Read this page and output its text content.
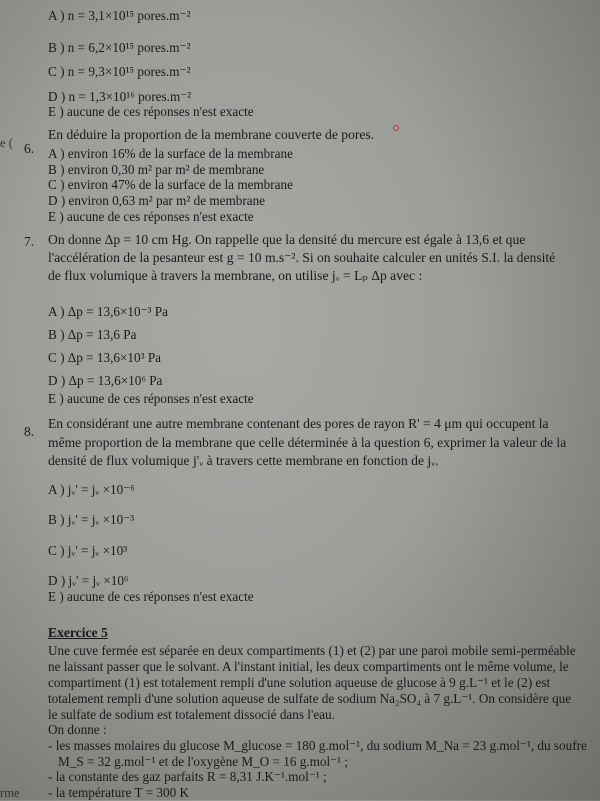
e (
rme
A ) n = 3,1×10¹⁵ pores.m⁻²
B ) n = 6,2×10¹⁵ pores.m⁻²
C ) n = 9,3×10¹⁵ pores.m⁻²
D ) n = 1,3×10¹⁶ pores.m⁻²
E ) aucune de ces réponses n'est exacte
6.
En déduire la proportion de la membrane couverte de pores.
A ) environ 16% de la surface de la membrane
B ) environ 0,30 m² par m² de membrane
C ) environ 47% de la surface de la membrane
D ) environ 0,63 m² par m² de membrane
E ) aucune de ces réponses n'est exacte
7. On donne Δp = 10 cm Hg. On rappelle que la densité du mercure est égale à 13,6 et que
l'accélération de la pesanteur est g = 10 m.s⁻². Si on souhaite calculer en unités S.I. la densité
de flux volumique à travers la membrane, on utilise jᵥ = Lₚ Δp avec :
A ) Δp = 13,6×10⁻³ Pa
B ) Δp = 13,6 Pa
C ) Δp = 13,6×10³ Pa
D ) Δp = 13,6×10⁶ Pa
E ) aucune de ces réponses n'est exacte
8.
En considérant une autre membrane contenant des pores de rayon R' = 4 μm qui occupent la
même proportion de la membrane que celle déterminée à la question 6, exprimer la valeur de la
densité de flux volumique j'ᵥ à travers cette membrane en fonction de jᵥ.
A ) jᵥ' = jᵥ ×10⁻⁶
B ) jᵥ' = jᵥ ×10⁻³
C ) jᵥ' = jᵥ ×10³
D ) jᵥ' = jᵥ ×10⁶
E ) aucune de ces réponses n'est exacte
Exercice 5
Une cuve fermée est séparée en deux compartiments (1) et (2) par une paroi mobile semi-perméable
ne laissant passer que le solvant. A l'instant initial, les deux compartiments ont le même volume, le
compartiment (1) est totalement rempli d'une solution aqueuse de glucose à 9 g.L⁻¹ et le (2) est
totalement rempli d'une solution aqueuse de sulfate de sodium Na₂SO₄ à 7 g.L⁻¹. On considère que
le sulfate de sodium est totalement dissocié dans l'eau.
On donne :
- les masses molaires du glucose M_glucose = 180 g.mol⁻¹, du sodium M_Na = 23 g.mol⁻¹, du soufre
M_S = 32 g.mol⁻¹ et de l'oxygène M_O = 16 g.mol⁻¹ ;
- la constante des gaz parfaits R = 8,31 J.K⁻¹.mol⁻¹ ;
- la température T = 300 K
